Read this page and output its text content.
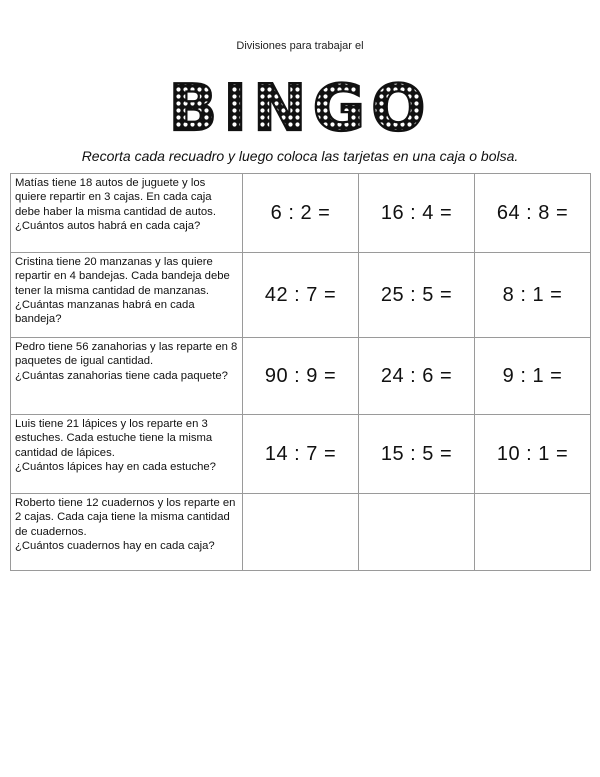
Divisiones para trabajar el
BINGO
Recorta cada recuadro y luego coloca las tarjetas en una caja o bolsa.
Matías tiene 18 autos de juguete y los quiere repartir en 3 cajas. En cada caja debe haber la misma cantidad de autos.
¿Cuántos autos habrá en cada caja?	6 : 2 =	16 : 4 =	64 : 8 =
Cristina tiene 20 manzanas y las quiere repartir en 4 bandejas. Cada bandeja debe tener la misma cantidad de manzanas.
¿Cuántas manzanas habrá en cada bandeja?	42 : 7 =	25 : 5 =	8 : 1 =
Pedro tiene 56 zanahorias y las reparte en 8 paquetes de igual cantidad.
¿Cuántas zanahorias tiene cada paquete?	90 : 9 =	24 : 6 =	9 : 1 =
Luis tiene 21 lápices y los reparte en 3 estuches. Cada estuche tiene la misma cantidad de lápices.
¿Cuántos lápices hay en cada estuche?	14 : 7 =	15 : 5 =	10 : 1 =
Roberto tiene 12 cuadernos y los reparte en 2 cajas. Cada caja tiene la misma cantidad de cuadernos.
¿Cuántos cuadernos hay en cada caja?			
